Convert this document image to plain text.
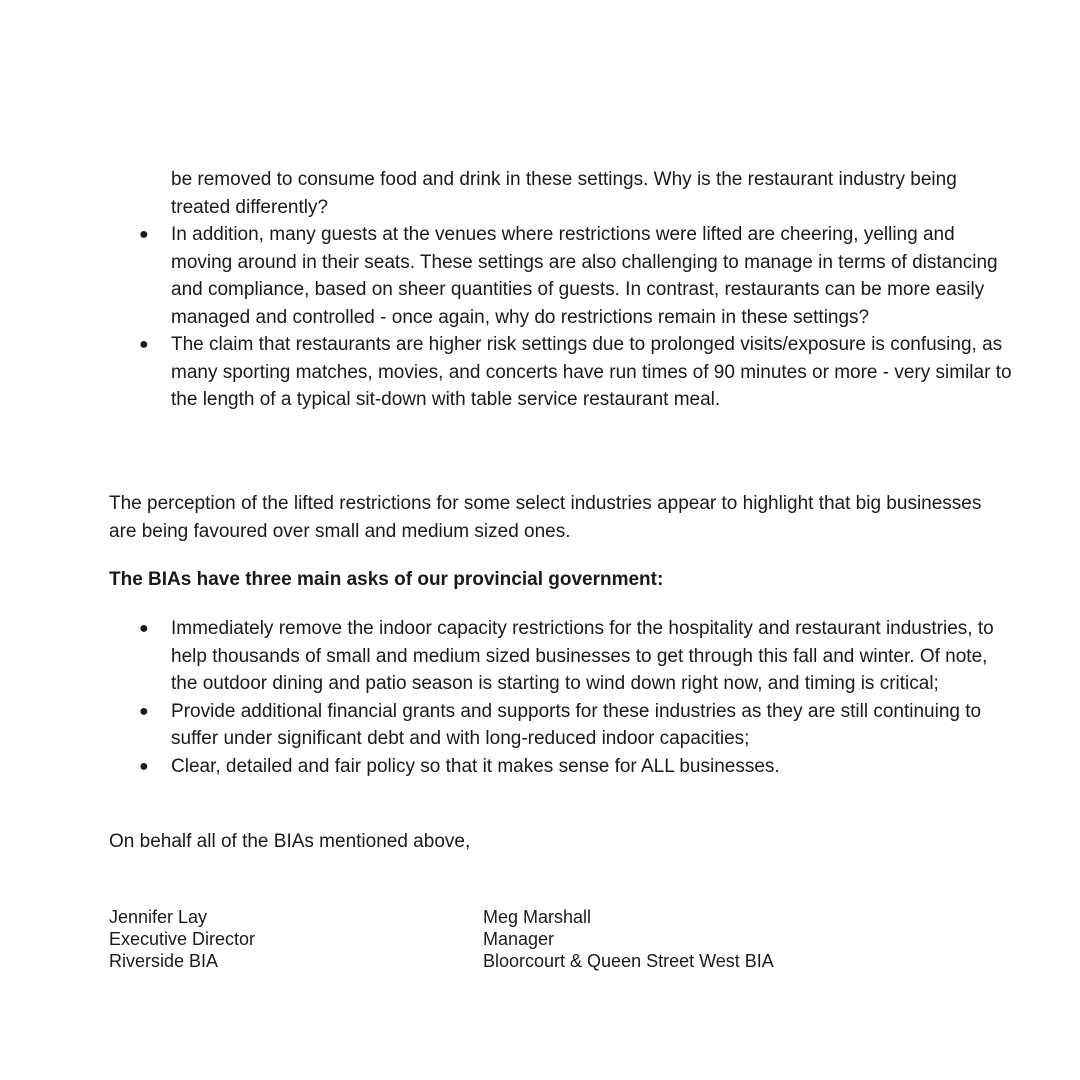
be removed to consume food and drink in these settings. Why is the restaurant industry being treated differently?

● In addition, many guests at the venues where restrictions were lifted are cheering, yelling and moving around in their seats. These settings are also challenging to manage in terms of distancing and compliance, based on sheer quantities of guests. In contrast, restaurants can be more easily managed and controlled - once again, why do restrictions remain in these settings?
● The claim that restaurants are higher risk settings due to prolonged visits/exposure is confusing, as many sporting matches, movies, and concerts have run times of 90 minutes or more - very similar to the length of a typical sit-down with table service restaurant meal.

The perception of the lifted restrictions for some select industries appear to highlight that big businesses are being favoured over small and medium sized ones.

The BIAs have three main asks of our provincial government:

● Immediately remove the indoor capacity restrictions for the hospitality and restaurant industries, to help thousands of small and medium sized businesses to get through this fall and winter. Of note, the outdoor dining and patio season is starting to wind down right now, and timing is critical;
● Provide additional financial grants and supports for these industries as they are still continuing to suffer under significant debt and with long-reduced indoor capacities;
● Clear, detailed and fair policy so that it makes sense for ALL businesses.

On behalf all of the BIAs mentioned above,

Jennifer Lay
Executive Director
Riverside BIA
Meg Marshall
Manager
Bloorcourt & Queen Street West BIA
